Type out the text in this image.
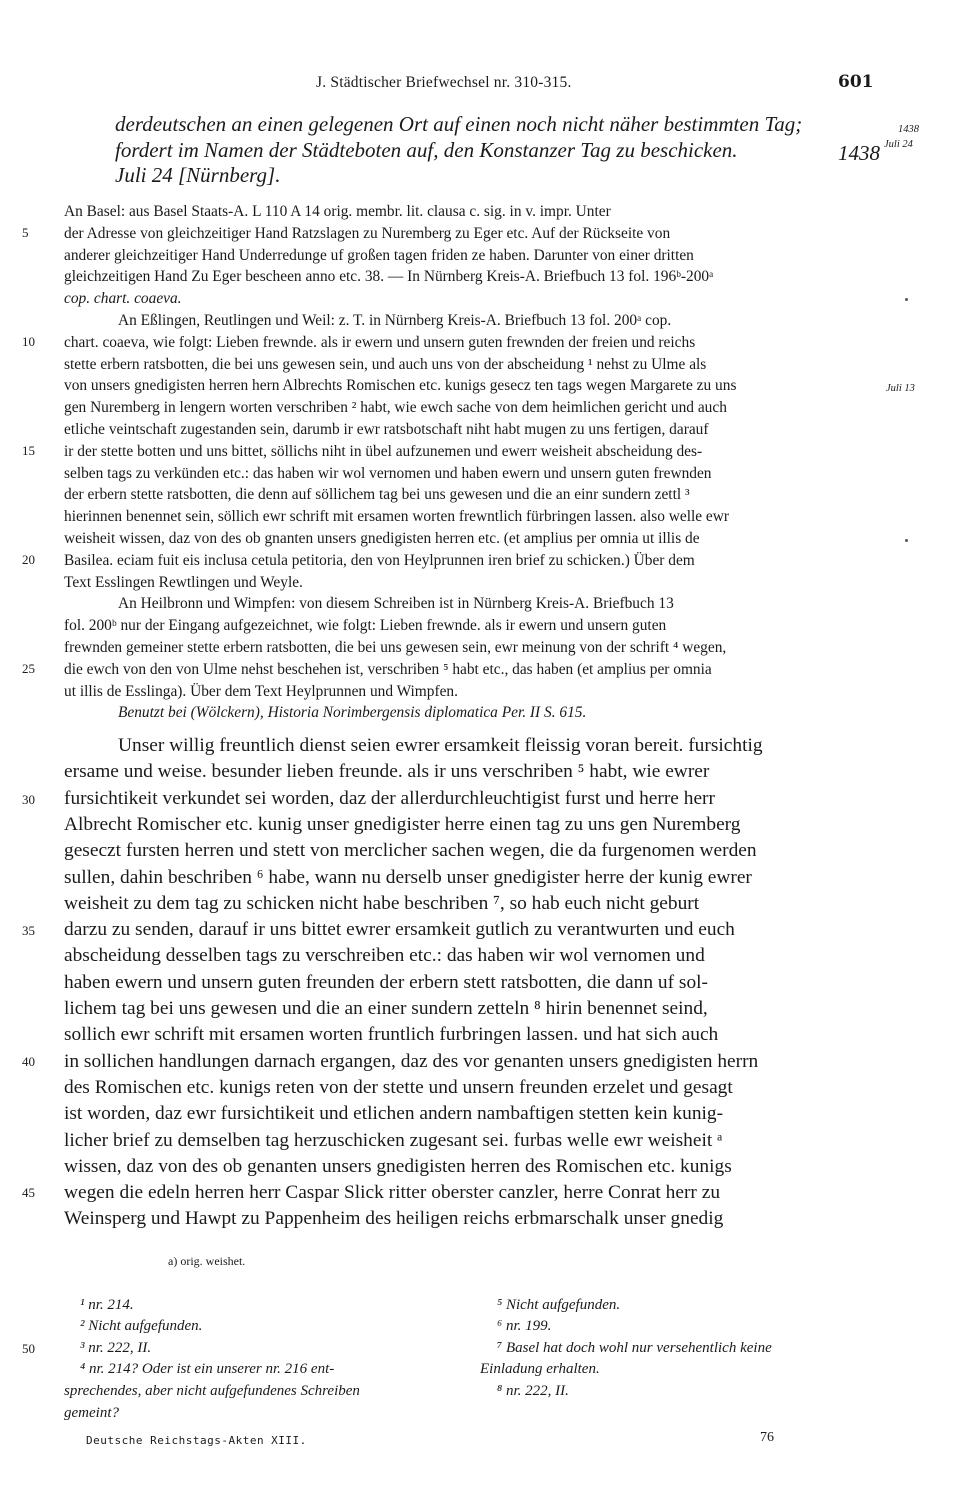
J. Städtischer Briefwechsel nr. 310-315.	601
derdeutschen an einen gelegenen Ort auf einen noch nicht näher bestimmten Tag;
fordert im Namen der Städteboten auf, den Konstanzer Tag zu beschicken.	1438
Juli 24 [Nürnberg].
1438
Juli 24
Juli 13
5
10
15
20
25
30
35
40
45
50
An Basel: aus Basel Staats-A. L 110 A 14 orig. membr. lit. clausa c. sig. in v. impr. Unter
der Adresse von gleichzeitiger Hand Ratzslagen zu Nuremberg zu Eger etc. Auf der Rückseite von
anderer gleichzeitiger Hand Underredunge uf großen tagen friden ze haben. Darunter von einer dritten
gleichzeitigen Hand Zu Eger bescheen anno etc. 38. — In Nürnberg Kreis-A. Briefbuch 13 fol. 196ᵇ-200ᵃ
cop. chart. coaeva.
An Eßlingen, Reutlingen und Weil: z. T. in Nürnberg Kreis-A. Briefbuch 13 fol. 200ᵃ cop.
chart. coaeva, wie folgt: Lieben frewnde. als ir ewern und unsern guten frewnden der freien und reichs
stette erbern ratsbotten, die bei uns gewesen sein, und auch uns von der abscheidung ¹ nehst zu Ulme als
von unsers gnedigisten herren hern Albrechts Romischen etc. kunigs gesecz ten tags wegen Margarete zu uns
gen Nuremberg in lengern worten verschriben ² habt, wie ewch sache von dem heimlichen gericht und auch
etliche veintschaft zugestanden sein, darumb ir ewr ratsbotschaft niht habt mugen zu uns fertigen, darauf
ir der stette botten und uns bittet, söllichs niht in übel aufzunemen und ewerr weisheit abscheidung des-
selben tags zu verkünden etc.: das haben wir wol vernomen und haben ewern und unsern guten frewnden
der erbern stette ratsbotten, die denn auf söllichem tag bei uns gewesen und die an einr sundern zettl ³
hierinnen benennet sein, söllich ewr schrift mit ersamen worten frewntlich fürbringen lassen. also welle ewr
weisheit wissen, daz von des ob gnanten unsers gnedigisten herren etc. (et amplius per omnia ut illis de
Basilea. eciam fuit eis inclusa cetula petitoria, den von Heylprunnen iren brief zu schicken.) Über dem
Text Esslingen Rewtlingen und Weyle.
An Heilbronn und Wimpfen: von diesem Schreiben ist in Nürnberg Kreis-A. Briefbuch 13
fol. 200ᵇ nur der Eingang aufgezeichnet, wie folgt: Lieben frewnde. als ir ewern und unsern guten
frewnden gemeiner stette erbern ratsbotten, die bei uns gewesen sein, ewr meinung von der schrift ⁴ wegen,
die ewch von den von Ulme nehst beschehen ist, verschriben ⁵ habt etc., das haben (et amplius per omnia
ut illis de Esslinga). Über dem Text Heylprunnen und Wimpfen.
Benutzt bei (Wölckern), Historia Norimbergensis diplomatica Per. II S. 615.
Unser willig freuntlich dienst seien ewrer ersamkeit fleissig voran bereit. fursichtig
ersame und weise. besunder lieben freunde. als ir uns verschriben ⁵ habt, wie ewrer
fursichtikeit verkundet sei worden, daz der allerdurchleuchtigist furst und herre herr
Albrecht Romischer etc. kunig unser gnedigister herre einen tag zu uns gen Nuremberg
geseczt fursten herren und stett von merclicher sachen wegen, die da furgenomen werden
sullen, dahin beschriben ⁶ habe, wann nu derselb unser gnedigister herre der kunig ewrer
weisheit zu dem tag zu schicken nicht habe beschriben ⁷, so hab euch nicht geburt
darzu zu senden, darauf ir uns bittet ewrer ersamkeit gutlich zu verantwurten und euch
abscheidung desselben tags zu verschreiben etc.: das haben wir wol vernomen und
haben ewern und unsern guten freunden der erbern stett ratsbotten, die dann uf sol-
lichem tag bei uns gewesen und die an einer sundern zetteln ⁸ hirin benennet seind,
sollich ewr schrift mit ersamen worten fruntlich furbringen lassen. und hat sich auch
in sollichen handlungen darnach ergangen, daz des vor genanten unsers gnedigisten herrn
des Romischen etc. kunigs reten von der stette und unsern freunden erzelet und gesagt
ist worden, daz ewr fursichtikeit und etlichen andern nambaftigen stetten kein kunig-
licher brief zu demselben tag herzuschicken zugesant sei. furbas welle ewr weisheit ᵃ
wissen, daz von des ob genanten unsers gnedigisten herren des Romischen etc. kunigs
wegen die edeln herren herr Caspar Slick ritter oberster canzler, herre Conrat herr zu
Weinsperg und Hawpt zu Pappenheim des heiligen reichs erbmarschalk unser gnedig
a) orig. weishet.
¹ nr. 214.
² Nicht aufgefunden.
³ nr. 222, II.
⁴ nr. 214? Oder ist ein unserer nr. 216 ent-
sprechendes, aber nicht aufgefundenes Schreiben
gemeint?
⁵ Nicht aufgefunden.
⁶ nr. 199.
⁷ Basel hat doch wohl nur versehentlich keine
Einladung erhalten.
⁸ nr. 222, II.
Deutsche Reichstags-Akten XIII.	76
